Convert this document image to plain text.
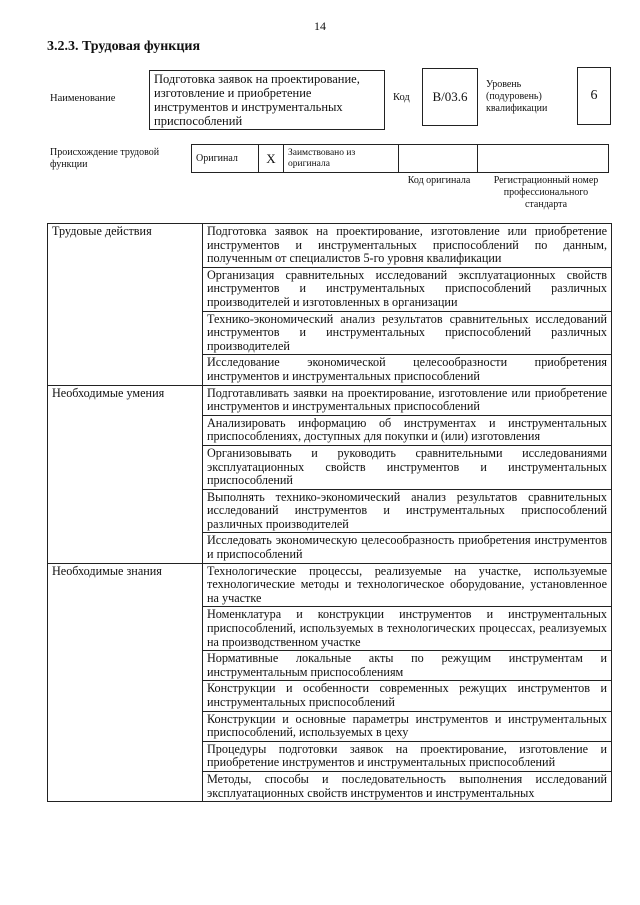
14
3.2.3. Трудовая функция
Наименование
Подготовка заявок на проектирование, изготовление и приобретение инструментов и инструментальных приспособлений
Код	B/03.6
Уровень (подуровень) квалификации
6
Происхождение трудовой функции
Оригинал	X	Заимствовано из оригинала		
Код оригинала	Регистрационный номер профессионального стандарта
Трудовые действия	Подготовка заявок на проектирование, изготовление или приобретение инструментов и инструментальных приспособлений по данным, полученным от специалистов 5-го уровня квалификации
	Организация сравнительных исследований эксплуатационных свойств инструментов и инструментальных приспособлений различных производителей и изготовленных в организации
	Технико-экономический анализ результатов сравнительных исследований инструментов и инструментальных приспособлений различных производителей
	Исследование экономической целесообразности приобретения инструментов и инструментальных приспособлений
Необходимые умения	Подготавливать заявки на проектирование, изготовление или приобретение инструментов и инструментальных приспособлений
	Анализировать информацию об инструментах и инструментальных приспособлениях, доступных для покупки и (или) изготовления
	Организовывать и руководить сравнительными исследованиями эксплуатационных свойств инструментов и инструментальных приспособлений
	Выполнять технико-экономический анализ результатов сравнительных исследований инструментов и инструментальных приспособлений различных производителей
	Исследовать экономическую целесообразность приобретения инструментов и приспособлений
Необходимые знания	Технологические процессы, реализуемые на участке, используемые технологические методы и технологическое оборудование, установленное на участке
	Номенклатура и конструкции инструментов и инструментальных приспособлений, используемых в технологических процессах, реализуемых на производственном участке
	Нормативные локальные акты по режущим инструментам и инструментальным приспособлениям
	Конструкции и особенности современных режущих инструментов и инструментальных приспособлений
	Конструкции и основные параметры инструментов и инструментальных приспособлений, используемых в цеху
	Процедуры подготовки заявок на проектирование, изготовление и приобретение инструментов и инструментальных приспособлений
	Методы, способы и последовательность выполнения исследований эксплуатационных свойств инструментов и инструментальных
